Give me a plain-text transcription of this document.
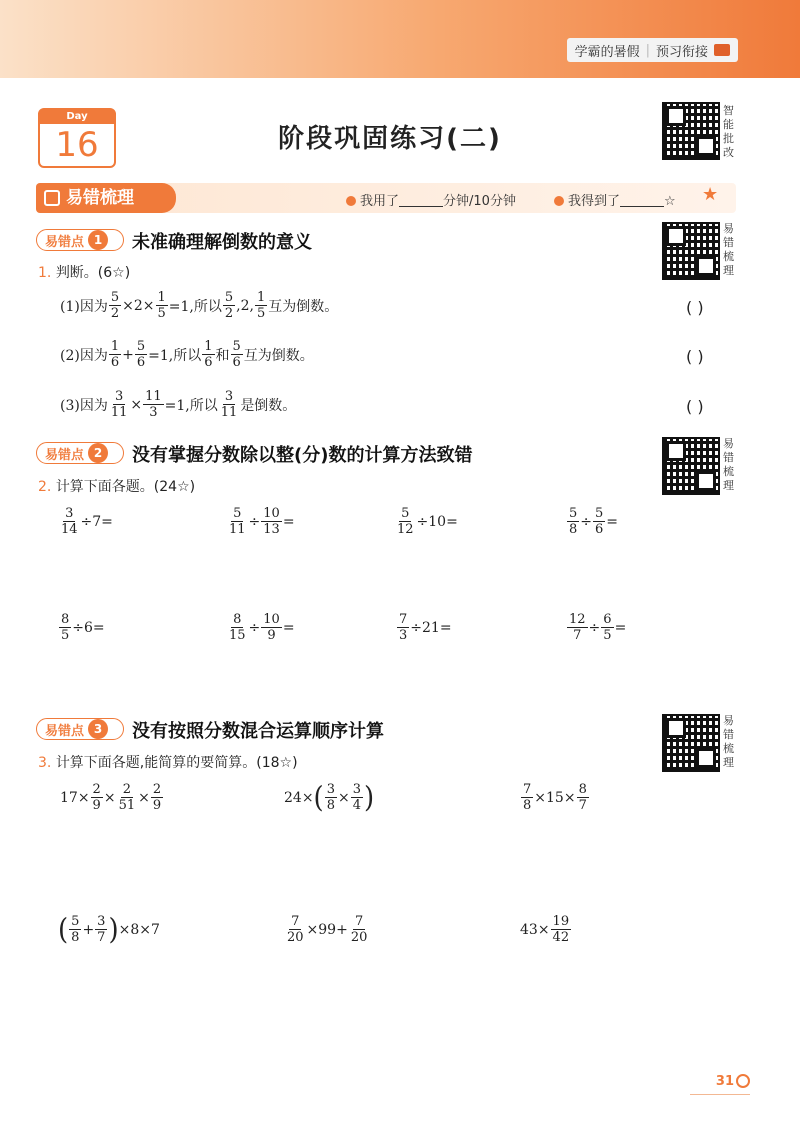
学霸的暑假 | 预习衔接
Day
16	阶段巩固练习(二)
智能批改
易错梳理
易错梳理
易错梳理
易错梳理	我用了	分钟/10分钟	我得到了	☆ ★
易错点 1	未准确理解倒数的意义
1. 判断。(6☆)
(1)因为 $\frac{5}{2} \times 2\times \frac{1}{5} =1$,所以 $\frac{5}{2} ,2$, $\frac{1}{5}$ 互为倒数。	( )
(2)因为 $\frac{1}{6} + \frac{5}{6} =1$,所以 $\frac{1}{6}$ 和 $\frac{5}{6}$ 互为倒数。	( )
(3)因为 $\frac{3}{11} \times \frac{11}{3} =1$,所以 $\frac{3}{11}$ 是倒数。	( )
易错点 2	没有掌握分数除以整(分)数的计算方法致错
2. 计算下面各题。(24☆)
$\frac{3}{14} \div 7=$	$\frac{5}{11} \div \frac{10}{13}$ =	$\frac{5}{12} \div 10=$	$\frac{5}{8} \div \frac{5}{6}$ =
$\frac{8}{5} \div 6=$	$\frac{8}{15} \div \frac{10}{9}$ =	$\frac{7}{3} \div 21=$	$\frac{12}{7} \div \frac{6}{5}$ =
易错点 3	没有按照分数混合运算顺序计算
3. 计算下面各题,能简算的要简算。(18☆)
$17\times \frac{2}{9} \times \frac{2}{51} \times \frac{2}{9}$	24× ( $\frac{3}{8} \times \frac{3}{4}$ )	$\frac{7}{8} \times 15\times \frac{8}{7}$
( $\frac{5}{8} + \frac{3}{7}$ ) ×8×7	$\frac{7}{20} \times 99+ \frac{7}{20}$	$43\times \frac{19}{42}$
31
